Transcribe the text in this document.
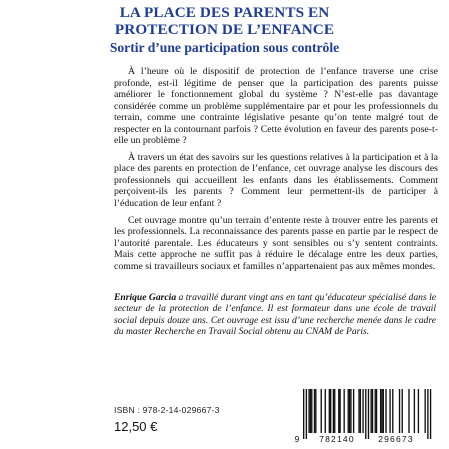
LA PLACE DES PARENTS EN
PROTECTION DE L’ENFANCE
Sortir d’une participation sous contrôle

À l’heure où le dispositif de protection de l’enfance traverse une crise profonde, est-il légitime de penser que la participation des parents puisse améliorer le fonctionnement global du système ? N’est-elle pas davantage considérée comme un problème supplémentaire par et pour les professionnels du terrain, comme une contrainte législative pesante qu’on tente malgré tout de respecter en la contournant parfois ? Cette évolution en faveur des parents pose-t-elle un problème ?

À travers un état des savoirs sur les questions relatives à la participation et à la place des parents en protection de l’enfance, cet ouvrage analyse les discours des professionnels qui accueillent les enfants dans les établissements. Comment perçoivent-ils les parents ? Comment leur permettent-ils de participer à l’éducation de leur enfant ?

Cet ouvrage montre qu’un terrain d’entente reste à trouver entre les parents et les professionnels. La reconnaissance des parents passe en partie par le respect de l’autorité parentale. Les éducateurs y sont sensibles ou s’y sentent contraints. Mais cette approche ne suffit pas à réduire le décalage entre les deux parties, comme si travailleurs sociaux et familles n’appartenaient pas aux mêmes mondes.

Enrique Garcia a travaillé durant vingt ans en tant qu’éducateur spécialisé dans le secteur de la protection de l’enfance. Il est formateur dans une école de travail social depuis douze ans. Cet ouvrage est issu d’une recherche menée dans le cadre du master Recherche en Travail Social obtenu au CNAM de Paris.
ISBN : 978-2-14-029667-3
12,50 €
9 782140	296673
